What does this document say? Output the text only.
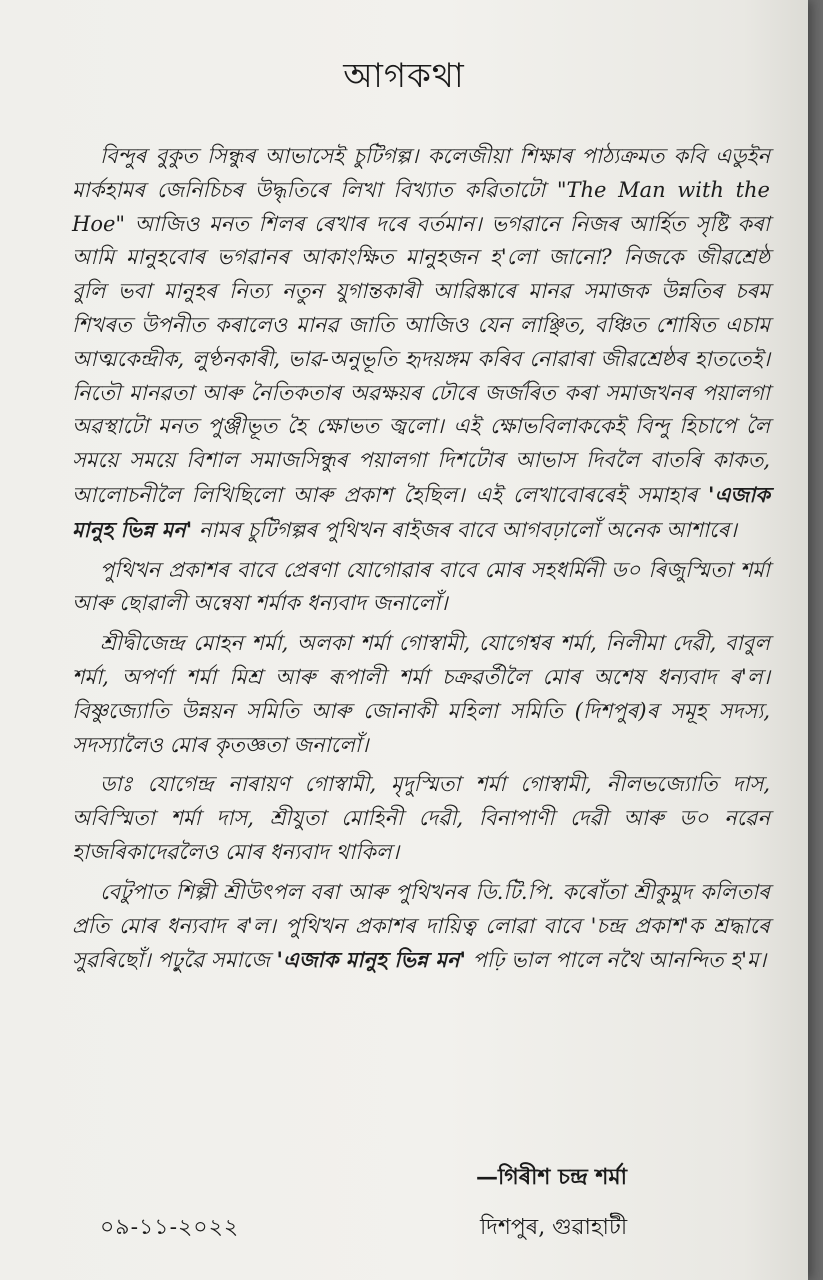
আগকথা

বিন্দুৰ বুকুত সিন্ধুৰ আভাসেই চুটিগল্প। কলেজীয়া শিক্ষাৰ পাঠ্যক্ৰমত কবি এডুইন মাৰ্কহামৰ জেনিচিচৰ উদ্ধৃতিৰে লিখা বিখ্যাত কৱিতাটো "The Man with the Hoe" আজিও মনত শিলৰ ৰেখাৰ দৰে বৰ্তমান। ভগৱানে নিজৰ আৰ্হিত সৃষ্টি কৰা আমি মানুহবোৰ ভগৱানৰ আকাংক্ষিত মানুহজন হ'লো জানো? নিজকে জীৱশ্ৰেষ্ঠ বুলি ভবা মানুহৰ নিত্য নতুন যুগান্তকাৰী আৱিষ্কাৰে মানৱ সমাজক উন্নতিৰ চৰম শিখৰত উপনীত কৰালেও মানৱ জাতি আজিও যেন লাঞ্ছিত, বঞ্চিত শোষিত এচাম আত্মকেন্দ্ৰীক, লুণ্ঠনকাৰী, ভাৱ-অনুভূতি হৃদয়ঙ্গম কৰিব নোৱাৰা জীৱশ্ৰেষ্ঠৰ হাততেই। নিতৌ মানৱতা আৰু নৈতিকতাৰ অৱক্ষয়ৰ ঢৌৰে জৰ্জৰিত কৰা সমাজখনৰ পয়ালগা অৱস্থাটো মনত পুঞ্জীভূত হৈ ক্ষোভত জ্বলো। এই ক্ষোভবিলাককেই বিন্দু হিচাপে লৈ সময়ে সময়ে বিশাল সমাজসিন্ধুৰ পয়ালগা দিশটোৰ আভাস দিবলৈ বাতৰি কাকত, আলোচনীলৈ লিখিছিলো আৰু প্ৰকাশ হৈছিল। এই লেখাবোৰৰেই সমাহাৰ 'এজাক মানুহ ভিন্ন মন' নামৰ চুটিগল্পৰ পুথিখন ৰাইজৰ বাবে আগবঢ়ালোঁ অনেক আশাৰে।

পুথিখন প্ৰকাশৰ বাবে প্ৰেৰণা যোগোৱাৰ বাবে মোৰ সহধৰ্মিনী ড০ ৰিজুস্মিতা শৰ্মা আৰু ছোৱালী অন্বেষা শৰ্মাক ধন্যবাদ জনালোঁ।

শ্ৰীদ্বীজেন্দ্ৰ মোহন শৰ্মা, অলকা শৰ্মা গোস্বামী, যোগেশ্বৰ শৰ্মা, নিলীমা দেৱী, বাবুল শৰ্মা, অপৰ্ণা শৰ্মা মিশ্ৰ আৰু ৰূপালী শৰ্মা চক্ৰৱৰ্তীলৈ মোৰ অশেষ ধন্যবাদ ৰ'ল। বিষ্ণুজ্যোতি উন্নয়ন সমিতি আৰু জোনাকী মহিলা সমিতি (দিশপুৰ)ৰ সমূহ সদস্য, সদস্যালৈও মোৰ কৃতজ্ঞতা জনালোঁ।

ডাঃ যোগেন্দ্ৰ নাৰায়ণ গোস্বামী, মৃদুস্মিতা শৰ্মা গোস্বামী, নীলভজ্যোতি দাস, অবিস্মিতা শৰ্মা দাস, শ্ৰীযুতা মোহিনী দেৱী, বিনাপাণী দেৱী আৰু ড০ নৱেন হাজৰিকাদেৱলৈও মোৰ ধন্যবাদ থাকিল।

বেটুপাত শিল্পী শ্ৰীউৎপল বৰা আৰু পুথিখনৰ ডি.টি.পি. কৰোঁতা শ্ৰীকুমুদ কলিতাৰ প্ৰতি মোৰ ধন্যবাদ ৰ'ল। পুথিখন প্ৰকাশৰ দায়িত্ব লোৱা বাবে 'চন্দ্ৰ প্ৰকাশ'ক শ্ৰদ্ধাৰে সুৱৰিছোঁ। পঢ়ুৱৈ সমাজে 'এজাক মানুহ ভিন্ন মন' পঢ়ি ভাল পালে নথৈ আনন্দিত হ'ম।

—গিৰীশ চন্দ্ৰ শৰ্মা
০৯-১১-২০২২	দিশপুৰ, গুৱাহাটী
